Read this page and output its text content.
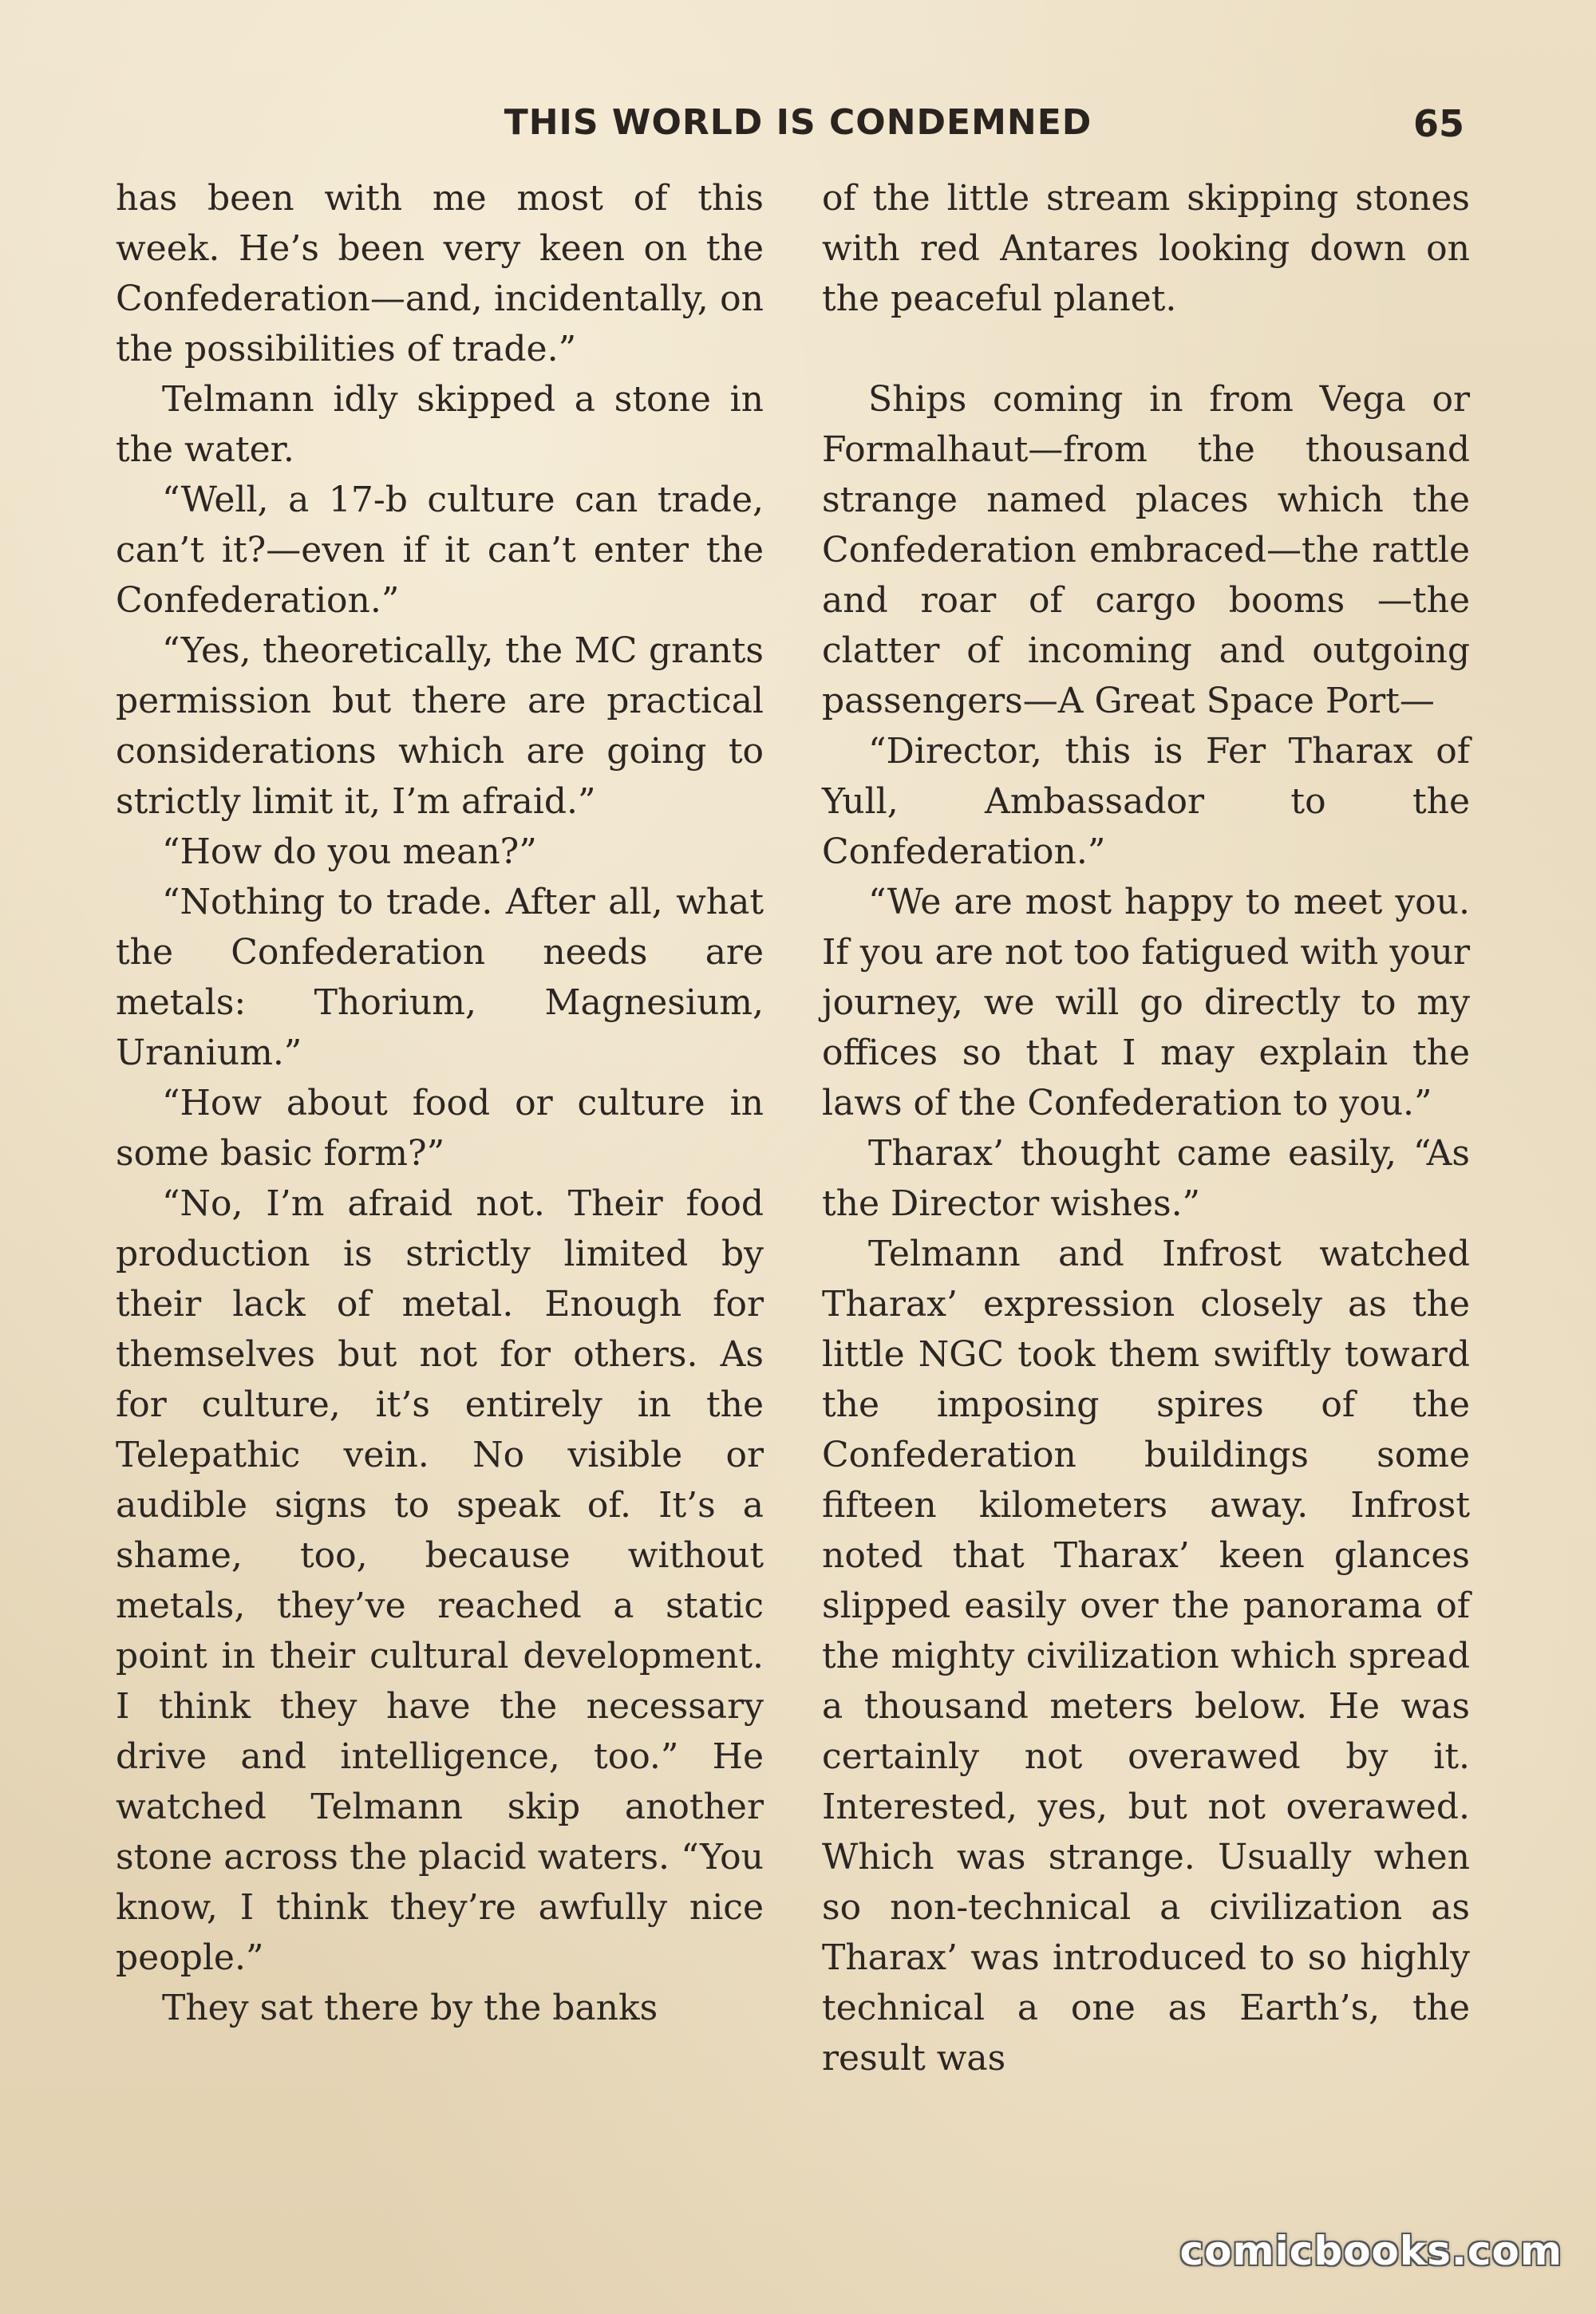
THIS WORLD IS CONDEMNED	65

has been with me most of this week. He’s been very keen on the Confederation—and, incidentally, on the possibilities of trade.”

Telmann idly skipped a stone in the water.

“Well, a 17-b culture can trade, can’t it?—even if it can’t enter the Confederation.”

“Yes, theoretically, the MC grants permission but there are practical considerations which are going to strictly limit it, I’m afraid.”

“How do you mean?”

“Nothing to trade. After all, what the Confederation needs are metals: Thorium, Magnesium, Uranium.”

“How about food or culture in some basic form?”

“No, I’m afraid not. Their food production is strictly limited by their lack of metal. Enough for themselves but not for others. As for culture, it’s entirely in the Telepathic vein. No visible or audible signs to speak of. It’s a shame, too, because without metals, they’ve reached a static point in their cultural development. I think they have the necessary drive and intelligence, too.” He watched Telmann skip another stone across the placid waters. “You know, I think they’re awfully nice people.”

They sat there by the banks

of the little stream skipping stones with red Antares looking down on the peaceful planet.

Ships coming in from Vega or Formalhaut—from the thousand strange named places which the Confederation embraced—the rattle and roar of cargo booms —the clatter of incoming and outgoing passengers—A Great Space Port—

“Director, this is Fer Tharax of Yull, Ambassador to the Confederation.”

“We are most happy to meet you. If you are not too fatigued with your journey, we will go directly to my offices so that I may explain the laws of the Confederation to you.”

Tharax’ thought came easily, “As the Director wishes.”

Telmann and Infrost watched Tharax’ expression closely as the little NGC took them swiftly toward the imposing spires of the Confederation buildings some fifteen kilometers away. Infrost noted that Tharax’ keen glances slipped easily over the panorama of the mighty civilization which spread a thousand meters below. He was certainly not overawed by it. Interested, yes, but not overawed. Which was strange. Usually when so non-technical a civilization as Tharax’ was introduced to so highly technical a one as Earth’s, the result was

comicbooks.com
